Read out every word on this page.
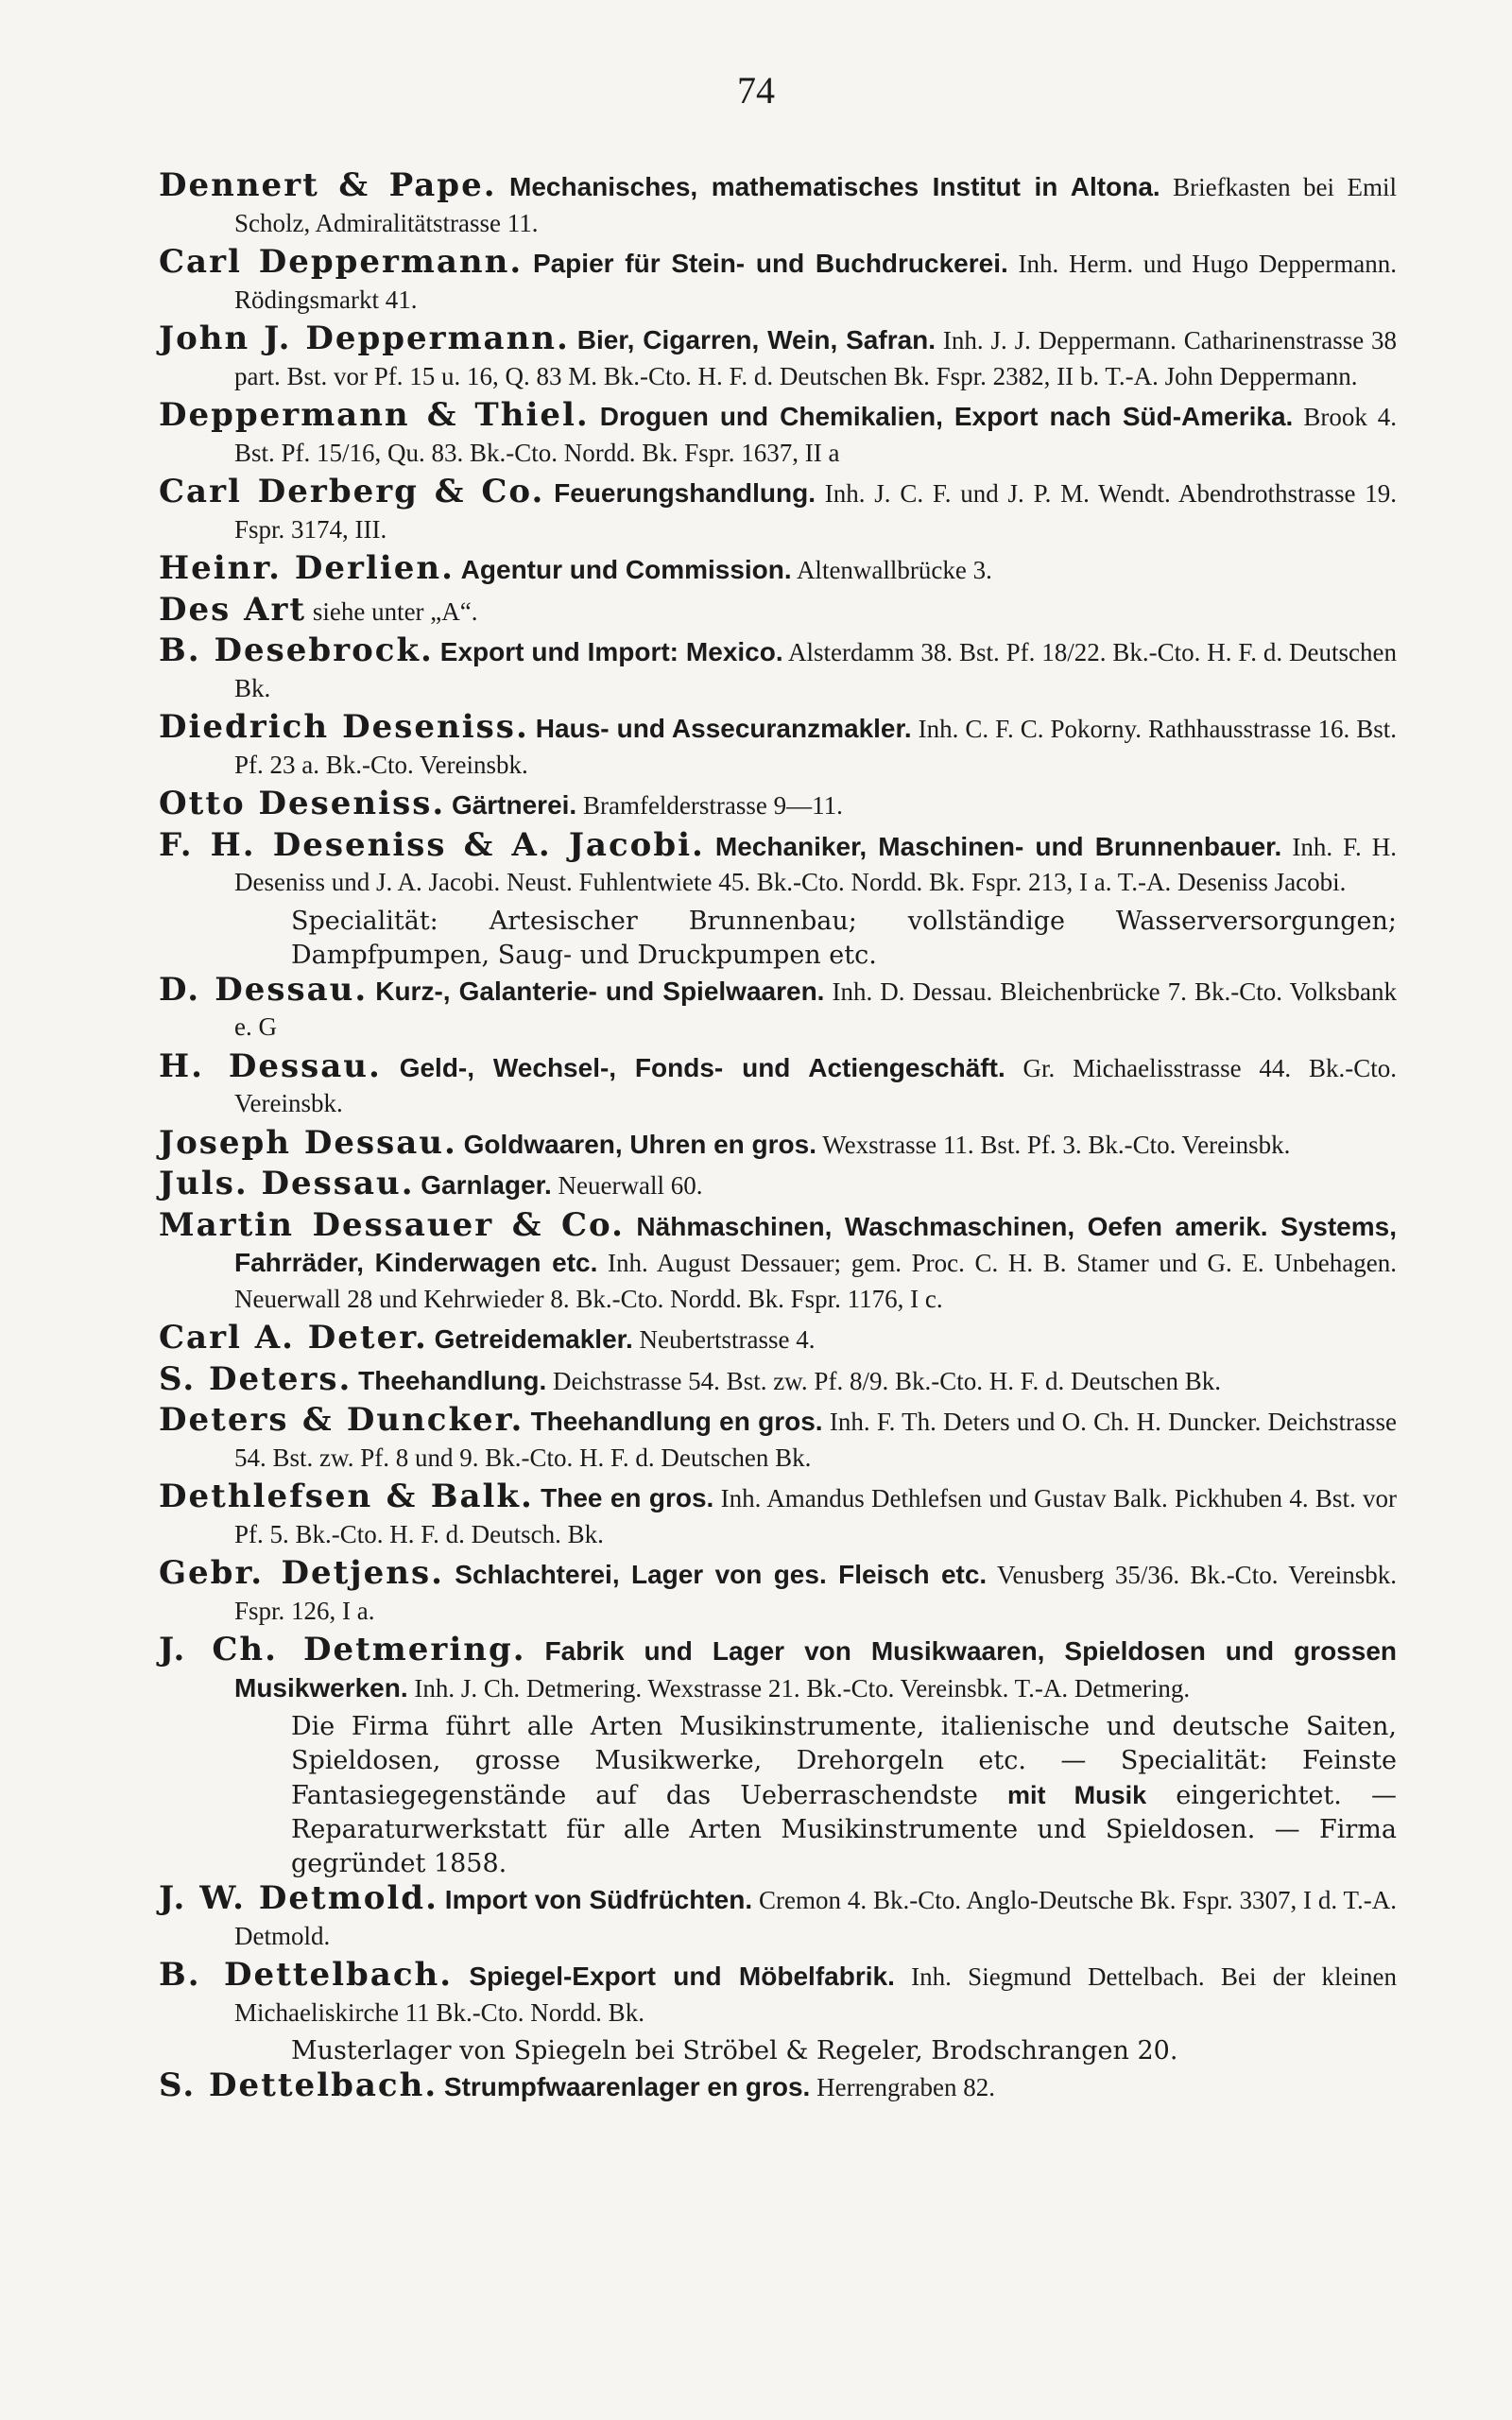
74
Dennert & Pape. Mechanisches, mathematisches Institut in Altona. Briefkasten bei Emil Scholz, Admiralitätstrasse 11.
Carl Deppermann. Papier für Stein- und Buchdruckerei. Inh. Herm. und Hugo Deppermann. Rödingsmarkt 41.
John J. Deppermann. Bier, Cigarren, Wein, Safran. Inh. J. J. Deppermann. Catharinenstrasse 38 part. Bst. vor Pf. 15 u. 16, Q. 83 M. Bk.-Cto. H. F. d. Deutschen Bk. Fspr. 2382, II b. T.-A. John Deppermann.
Deppermann & Thiel. Droguen und Chemikalien, Export nach Süd-Amerika. Brook 4. Bst. Pf. 15/16, Qu. 83. Bk.-Cto. Nordd. Bk. Fspr. 1637, II a
Carl Derberg & Co. Feuerungshandlung. Inh. J. C. F. und J. P. M. Wendt. Abendrothstrasse 19. Fspr. 3174, III.
Heinr. Derlien. Agentur und Commission. Altenwallbrücke 3.
Des Art siehe unter „A“.
B. Desebrock. Export und Import: Mexico. Alsterdamm 38. Bst. Pf. 18/22. Bk.-Cto. H. F. d. Deutschen Bk.
Diedrich Deseniss. Haus- und Assecuranzmakler. Inh. C. F. C. Pokorny. Rathhausstrasse 16. Bst. Pf. 23 a. Bk.-Cto. Vereinsbk.
Otto Deseniss. Gärtnerei. Bramfelderstrasse 9—11.
F. H. Deseniss & A. Jacobi. Mechaniker, Maschinen- und Brunnenbauer. Inh. F. H. Deseniss und J. A. Jacobi. Neust. Fuhlentwiete 45. Bk.-Cto. Nordd. Bk. Fspr. 213, I a. T.-A. Deseniss Jacobi.
Specialität: Artesischer Brunnenbau; vollständige Wasserversorgungen; Dampfpumpen, Saug- und Druckpumpen etc.
D. Dessau. Kurz-, Galanterie- und Spielwaaren. Inh. D. Dessau. Bleichenbrücke 7. Bk.-Cto. Volksbank e. G
H. Dessau. Geld-, Wechsel-, Fonds- und Actiengeschäft. Gr. Michaelisstrasse 44. Bk.-Cto. Vereinsbk.
Joseph Dessau. Goldwaaren, Uhren en gros. Wexstrasse 11. Bst. Pf. 3. Bk.-Cto. Vereinsbk.
Juls. Dessau. Garnlager. Neuerwall 60.
Martin Dessauer & Co. Nähmaschinen, Waschmaschinen, Oefen amerik. Systems, Fahrräder, Kinderwagen etc. Inh. August Dessauer; gem. Proc. C. H. B. Stamer und G. E. Unbehagen. Neuerwall 28 und Kehrwieder 8. Bk.-Cto. Nordd. Bk. Fspr. 1176, I c.
Carl A. Deter. Getreidemakler. Neubertstrasse 4.
S. Deters. Theehandlung. Deichstrasse 54. Bst. zw. Pf. 8/9. Bk.-Cto. H. F. d. Deutschen Bk.
Deters & Duncker. Theehandlung en gros. Inh. F. Th. Deters und O. Ch. H. Duncker. Deichstrasse 54. Bst. zw. Pf. 8 und 9. Bk.-Cto. H. F. d. Deutschen Bk.
Dethlefsen & Balk. Thee en gros. Inh. Amandus Dethlefsen und Gustav Balk. Pickhuben 4. Bst. vor Pf. 5. Bk.-Cto. H. F. d. Deutsch. Bk.
Gebr. Detjens. Schlachterei, Lager von ges. Fleisch etc. Venusberg 35/36. Bk.-Cto. Vereinsbk. Fspr. 126, I a.
J. Ch. Detmering. Fabrik und Lager von Musikwaaren, Spieldosen und grossen Musikwerken. Inh. J. Ch. Detmering. Wexstrasse 21. Bk.-Cto. Vereinsbk. T.-A. Detmering.
Die Firma führt alle Arten Musikinstrumente, italienische und deutsche Saiten, Spieldosen, grosse Musikwerke, Drehorgeln etc. — Specialität: Feinste Fantasiegegenstände auf das Ueberraschendste mit Musik eingerichtet. — Reparaturwerkstatt für alle Arten Musikinstrumente und Spieldosen. — Firma gegründet 1858.
J. W. Detmold. Import von Südfrüchten. Cremon 4. Bk.-Cto. Anglo-Deutsche Bk. Fspr. 3307, I d. T.-A. Detmold.
B. Dettelbach. Spiegel-Export und Möbelfabrik. Inh. Siegmund Dettelbach. Bei der kleinen Michaeliskirche 11 Bk.-Cto. Nordd. Bk.
Musterlager von Spiegeln bei Ströbel & Regeler, Brodschrangen 20.
S. Dettelbach. Strumpfwaarenlager en gros. Herrengraben 82.
